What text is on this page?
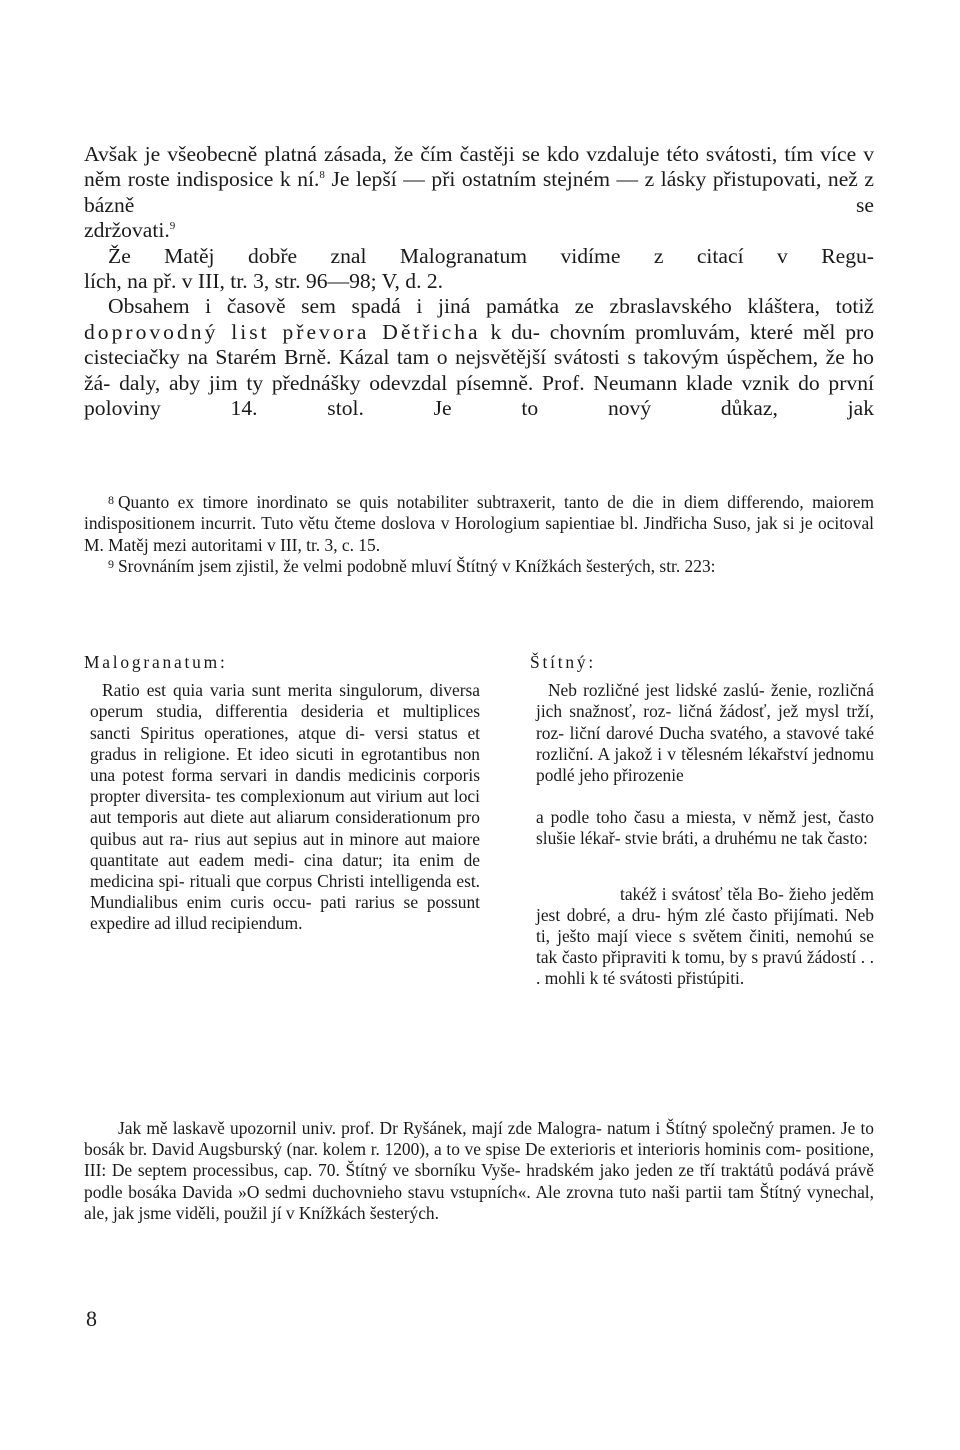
Avšak je všeobecně platná zásada, že čím častěji se kdo vzdaluje této svátosti, tím více v něm roste indisposice k ní.$^8$ Je lepší — při ostatním stejném — z lásky přistupovati, než z bázně se

zdržovati.$^9$

Že Matěj dobře znal Malogranatum vidíme z citací v Regu-

lích, na př. v III, tr. 3, str. 96—98; V, d. 2.

Obsahem i časově sem spadá i jiná památka ze zbraslavského kláštera, totiž doprovodný list převora Dětřicha k du- chovním promluvám, které měl pro cisteciačky na Starém Brně. Kázal tam o nejsvětější svátosti s takovým úspěchem, že ho žá- daly, aby jim ty přednášky odevzdal písemně. Prof. Neumann klade vznik do první poloviny 14. stol. Je to nový důkaz, jak

$^8$ Quanto ex timore inordinato se quis notabiliter subtraxerit, tanto de die in diem differendo, maiorem indispositionem incurrit. Tuto větu čteme doslova v Horologium sapientiae bl. Jindřicha Suso, jak si je ocitoval M. Matěj mezi autoritami v III, tr. 3, c. 15.

$^9$ Srovnáním jsem zjistil, že velmi podobně mluví Štítný v Knížkách šesterých, str. 223:

Malogranatum:

Ratio est quia varia sunt merita singulorum, diversa operum studia, differentia desideria et multiplices sancti Spiritus operationes, atque di- versi status et gradus in religione. Et ideo sicuti in egrotantibus non una potest forma servari in dandis medicinis corporis propter diversita- tes complexionum aut virium aut loci aut temporis aut diete aut aliarum considerationum pro quibus aut ra- rius aut sepius aut in minore aut maiore quantitate aut eadem medi- cina datur; ita enim de medicina spi- rituali que corpus Christi intelligenda est. Mundialibus enim curis occu- pati rarius se possunt expedire ad illud recipiendum.

Štítný:

Neb rozličné jest lidské zaslú- ženie, rozličná jich snažnosť, roz- ličná žádosť, jež mysl trží, roz- liční darové Ducha svatého, a stavové také rozliční. A jakož i v tělesném lékařství jednomu podlé jeho přirozenie

a podle toho času a miesta, v němž jest, často slušie lékař- stvie bráti, a druhému ne tak často:

takéž i svátosť těla Bo- žieho jeděm jest dobré, a dru- hým zlé často přijímati. Neb ti, ješto mají viece s světem činiti, nemohú se tak často připraviti k tomu, by s pravú žádostí . . . mohli k té svátosti přistúpiti.

Jak mě laskavě upozornil univ. prof. Dr Ryšánek, mají zde Malogra- natum i Štítný společný pramen. Je to bosák br. David Augsburský (nar. kolem r. 1200), a to ve spise De exterioris et interioris hominis com- positione, III: De septem processibus, cap. 70. Štítný ve sborníku Vyše- hradském jako jeden ze tří traktátů podává právě podle bosáka Davida »O sedmi duchovnieho stavu vstupních«. Ale zrovna tuto naši partii tam Štítný vynechal, ale, jak jsme viděli, použil jí v Knížkách šesterých.

8
